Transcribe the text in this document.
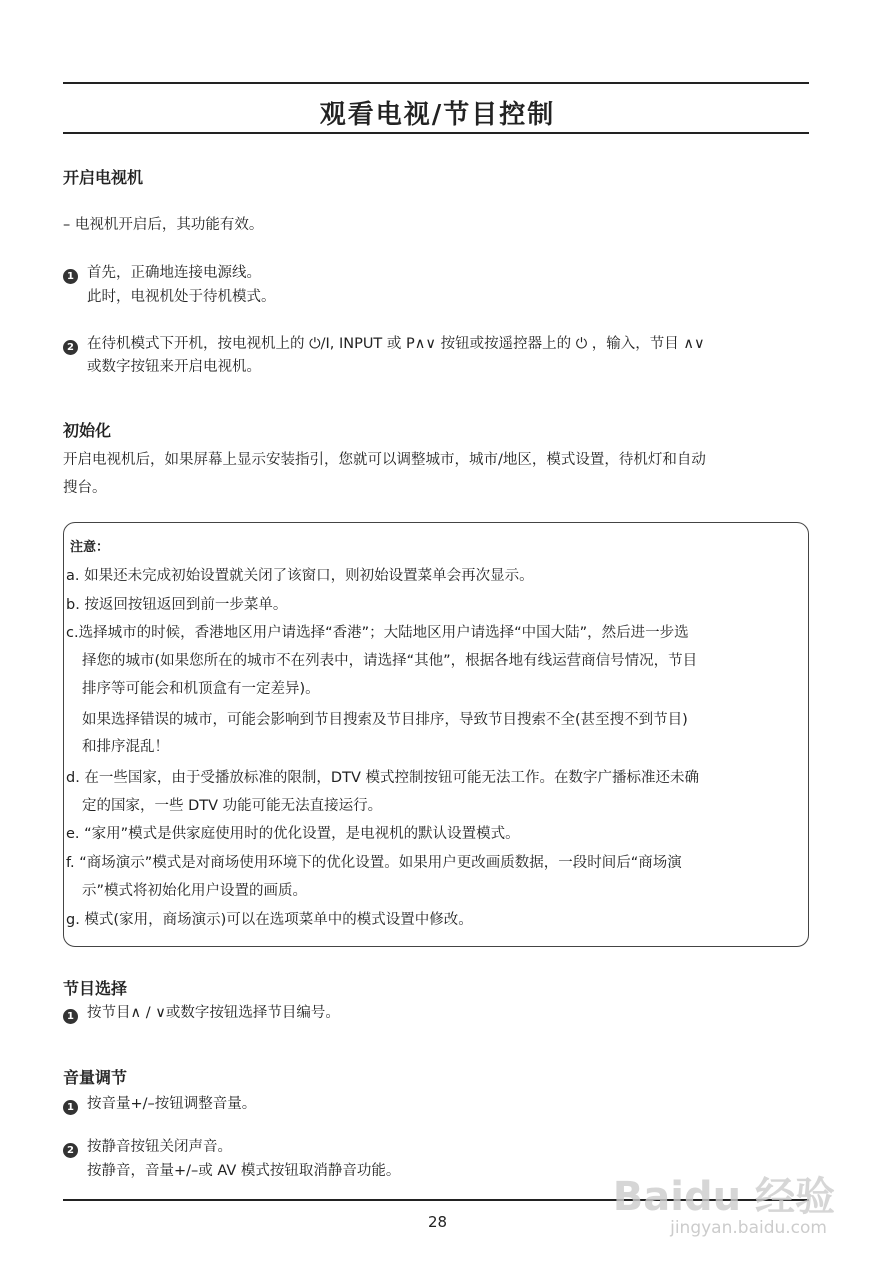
观看电视/节目控制
开启电视机
– 电视机开启后，其功能有效。
1 首先，正确地连接电源线。
此时，电视机处于待机模式。
2 在待机模式下开机，按电视机上的 ⏻/I, INPUT 或 P∧∨ 按钮或按遥控器上的 ⏻ ，输入，节目 ∧∨
或数字按钮来开启电视机。
初始化
开启电视机后，如果屏幕上显示安装指引，您就可以调整城市，城市/地区，模式设置，待机灯和自动
搜台。
注意：
a. 如果还未完成初始设置就关闭了该窗口，则初始设置菜单会再次显示。
b. 按返回按钮返回到前一步菜单。
c.选择城市的时候，香港地区用户请选择“香港”；大陆地区用户请选择“中国大陆”，然后进一步选
择您的城市(如果您所在的城市不在列表中，请选择“其他”，根据各地有线运营商信号情况，节目
排序等可能会和机顶盒有一定差异)。
如果选择错误的城市，可能会影响到节目搜索及节目排序，导致节目搜索不全(甚至搜不到节目)
和排序混乱！
d. 在一些国家，由于受播放标准的限制，DTV 模式控制按钮可能无法工作。在数字广播标准还未确
定的国家，一些 DTV 功能可能无法直接运行。
e. “家用”模式是供家庭使用时的优化设置，是电视机的默认设置模式。
f. “商场演示”模式是对商场使用环境下的优化设置。如果用户更改画质数据，一段时间后“商场演
示”模式将初始化用户设置的画质。
g. 模式(家用，商场演示)可以在选项菜单中的模式设置中修改。
节目选择
1 按节目∧ / ∨或数字按钮选择节目编号。
音量调节
1 按音量+/–按钮调整音量。
2 按静音按钮关闭声音。
按静音，音量+/–或 AV 模式按钮取消静音功能。
28
Baidu 经验
jingyan.baidu.com
